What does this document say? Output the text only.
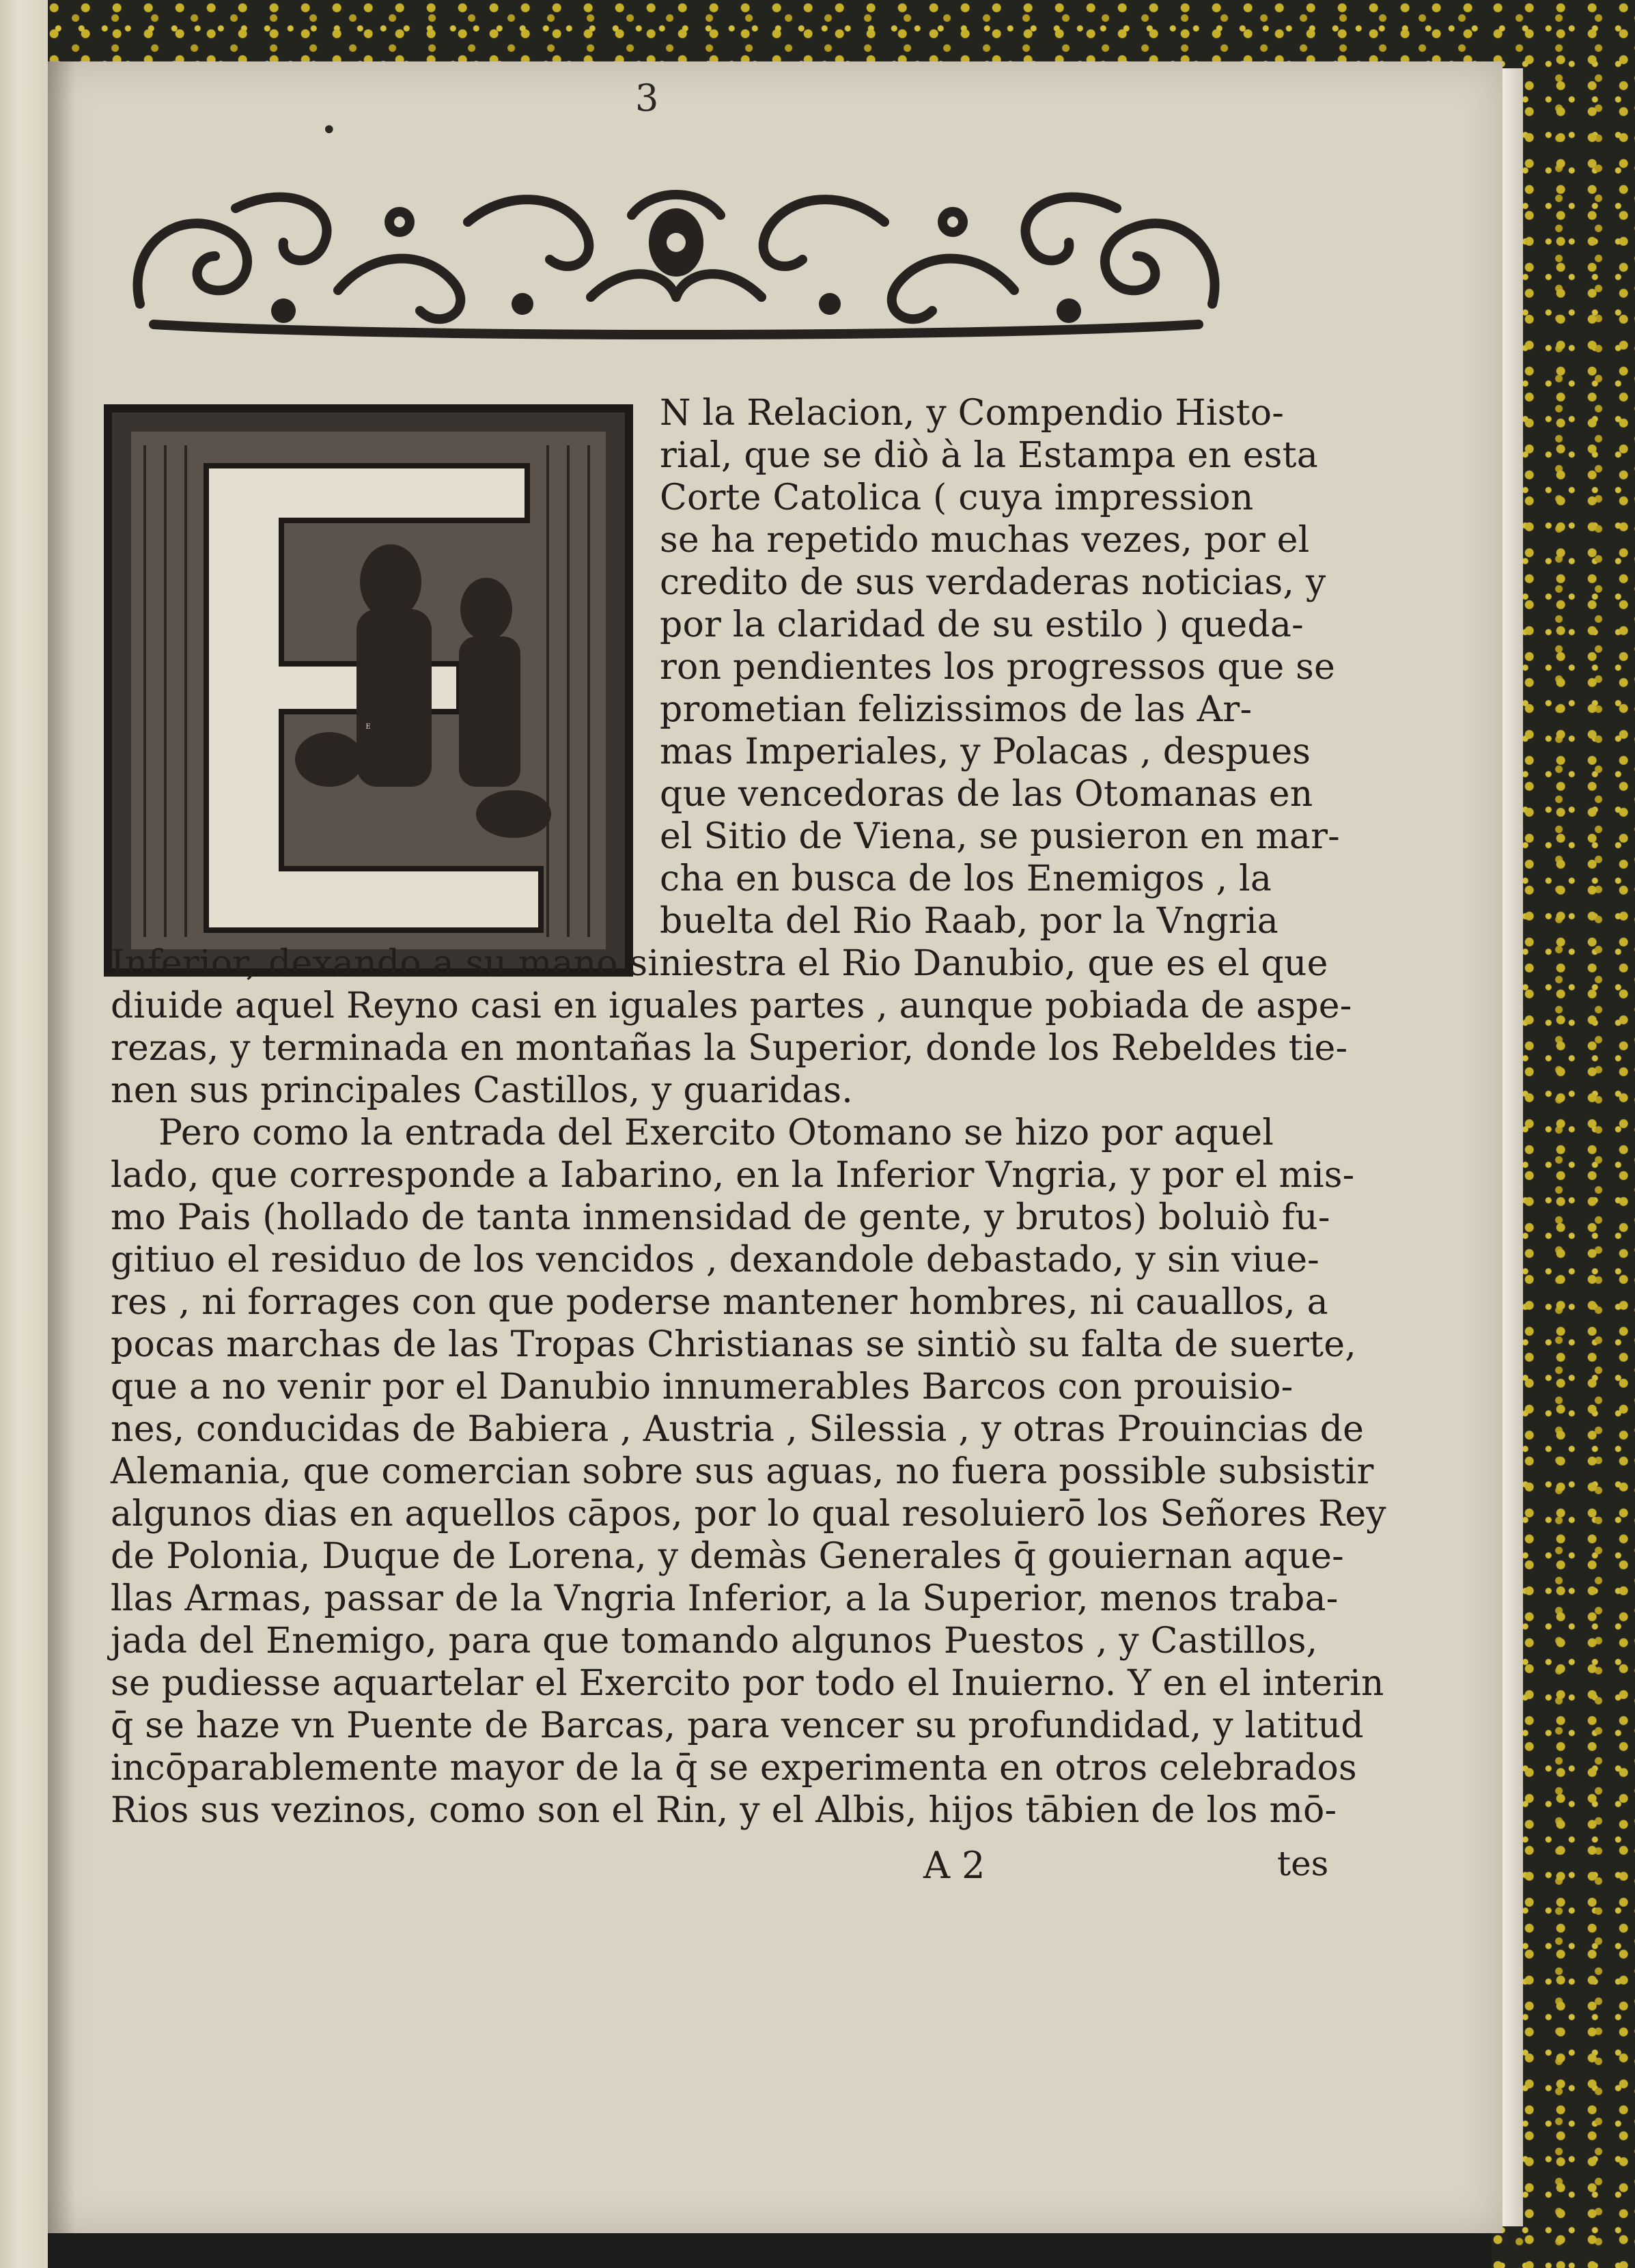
3
•
E
N la Relacion, y Compendio Histo-
rial, que se diò à la Estampa en esta
Corte Catolica ( cuya impression
se ha repetido muchas vezes, por el
credito de sus verdaderas noticias, y
por la claridad de su estilo ) queda-
ron pendientes los progressos que se
prometian felizissimos de las Ar-
mas Imperiales, y Polacas , despues
que vencedoras de las Otomanas en
el Sitio de Viena, se pusieron en mar-
cha en busca de los Enemigos , la
buelta del Rio Raab, por la Vngria
Inferior, dexando a su mano siniestra el Rio Danubio, que es el que
diuide aquel Reyno casi en iguales partes , aunque pobiada de aspe-
rezas, y terminada en montañas la Superior, donde los Rebeldes tie-
nen sus principales Castillos, y guaridas.
Pero como la entrada del Exercito Otomano se hizo por aquel
lado, que corresponde a Iabarino, en la Inferior Vngria, y por el mis-
mo Pais (hollado de tanta inmensidad de gente, y brutos) boluiò fu-
gitiuo el residuo de los vencidos , dexandole debastado, y sin viue-
res , ni forrages con que poderse mantener hombres, ni cauallos, a
pocas marchas de las Tropas Christianas se sintiò su falta de suerte,
que a no venir por el Danubio innumerables Barcos con prouisio-
nes, conducidas de Babiera , Austria , Silessia , y otras Prouincias de
Alemania, que comercian sobre sus aguas, no fuera possible subsistir
algunos dias en aquellos cāpos, por lo qual resoluierō los Señores Rey
de Polonia, Duque de Lorena, y demàs Generales q̄ gouiernan aque-
llas Armas, passar de la Vngria Inferior, a la Superior, menos traba-
jada del Enemigo, para que tomando algunos Puestos , y Castillos,
se pudiesse aquartelar el Exercito por todo el Inuierno. Y en el interin
q̄ se haze vn Puente de Barcas, para vencer su profundidad, y latitud
incōparablemente mayor de la q̄ se experimenta en otros celebrados
Rios sus vezinos, como son el Rin, y el Albis, hijos tābien de los mō-
A 2	tes
